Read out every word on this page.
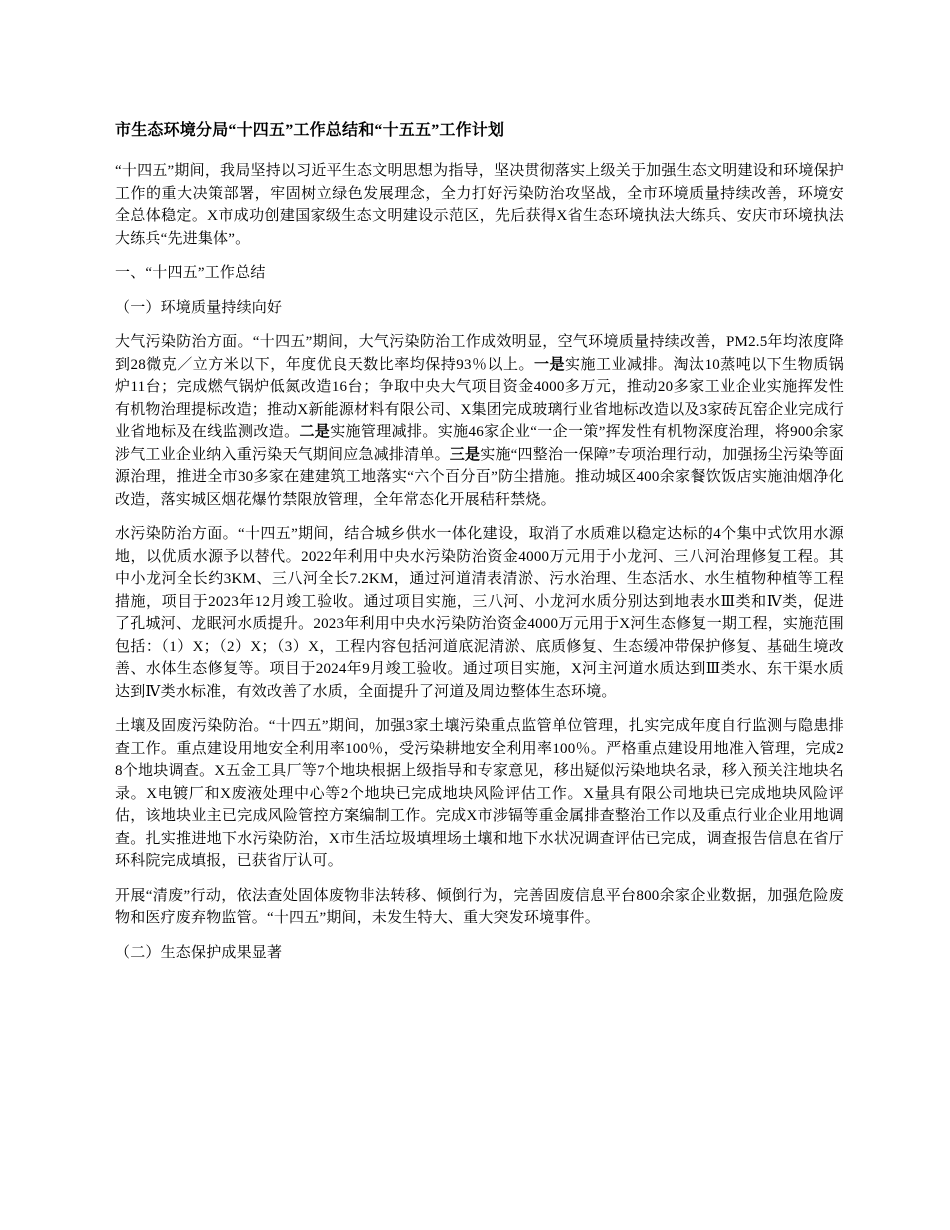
市生态环境分局“十四五”工作总结和“十五五”工作计划

“十四五”期间，我局坚持以习近平生态文明思想为指导，坚决贯彻落实上级关于加强生态文明建设和环境保护工作的重大决策部署，牢固树立绿色发展理念，全力打好污染防治攻坚战，全市环境质量持续改善，环境安全总体稳定。X市成功创建国家级生态文明建设示范区，先后获得X省生态环境执法大练兵、安庆市环境执法大练兵“先进集体”。

一、“十四五”工作总结

（一）环境质量持续向好

大气污染防治方面。“十四五”期间，大气污染防治工作成效明显，空气环境质量持续改善，PM2.5年均浓度降到28微克／立方米以下，年度优良天数比率均保持93％以上。一是实施工业减排。淘汰10蒸吨以下生物质锅炉11台；完成燃气锅炉低氮改造16台；争取中央大气项目资金4000多万元，推动20多家工业企业实施挥发性有机物治理提标改造；推动X新能源材料有限公司、X集团完成玻璃行业省地标改造以及3家砖瓦窑企业完成行业省地标及在线监测改造。二是实施管理减排。实施46家企业“一企一策”挥发性有机物深度治理，将900余家涉气工业企业纳入重污染天气期间应急减排清单。三是实施“四整治一保障”专项治理行动，加强扬尘污染等面源治理，推进全市30多家在建建筑工地落实“六个百分百”防尘措施。推动城区400余家餐饮饭店实施油烟净化改造，落实城区烟花爆竹禁限放管理，全年常态化开展秸秆禁烧。

水污染防治方面。“十四五”期间，结合城乡供水一体化建设，取消了水质难以稳定达标的4个集中式饮用水源地，以优质水源予以替代。2022年利用中央水污染防治资金4000万元用于小龙河、三八河治理修复工程。其中小龙河全长约3KM、三八河全长7.2KM，通过河道清表清淤、污水治理、生态活水、水生植物种植等工程措施，项目于2023年12月竣工验收。通过项目实施，三八河、小龙河水质分别达到地表水Ⅲ类和Ⅳ类，促进了孔城河、龙眠河水质提升。2023年利用中央水污染防治资金4000万元用于X河生态修复一期工程，实施范围包括：（1）X；（2）X；（3）X，工程内容包括河道底泥清淤、底质修复、生态缓冲带保护修复、基础生境改善、水体生态修复等。项目于2024年9月竣工验收。通过项目实施，X河主河道水质达到Ⅲ类水、东干渠水质达到Ⅳ类水标准，有效改善了水质，全面提升了河道及周边整体生态环境。

土壤及固废污染防治。“十四五”期间，加强3家土壤污染重点监管单位管理，扎实完成年度自行监测与隐患排查工作。重点建设用地安全利用率100％，受污染耕地安全利用率100％。严格重点建设用地准入管理，完成28个地块调查。X五金工具厂等7个地块根据上级指导和专家意见，移出疑似污染地块名录，移入预关注地块名录。X电镀厂和X废液处理中心等2个地块已完成地块风险评估工作。X量具有限公司地块已完成地块风险评估，该地块业主已完成风险管控方案编制工作。完成X市涉镉等重金属排查整治工作以及重点行业企业用地调查。扎实推进地下水污染防治，X市生活垃圾填埋场土壤和地下水状况调查评估已完成，调查报告信息在省厅环科院完成填报，已获省厅认可。

开展“清废”行动，依法查处固体废物非法转移、倾倒行为，完善固废信息平台800余家企业数据，加强危险废物和医疗废弃物监管。“十四五”期间，未发生特大、重大突发环境事件。

（二）生态保护成果显著
